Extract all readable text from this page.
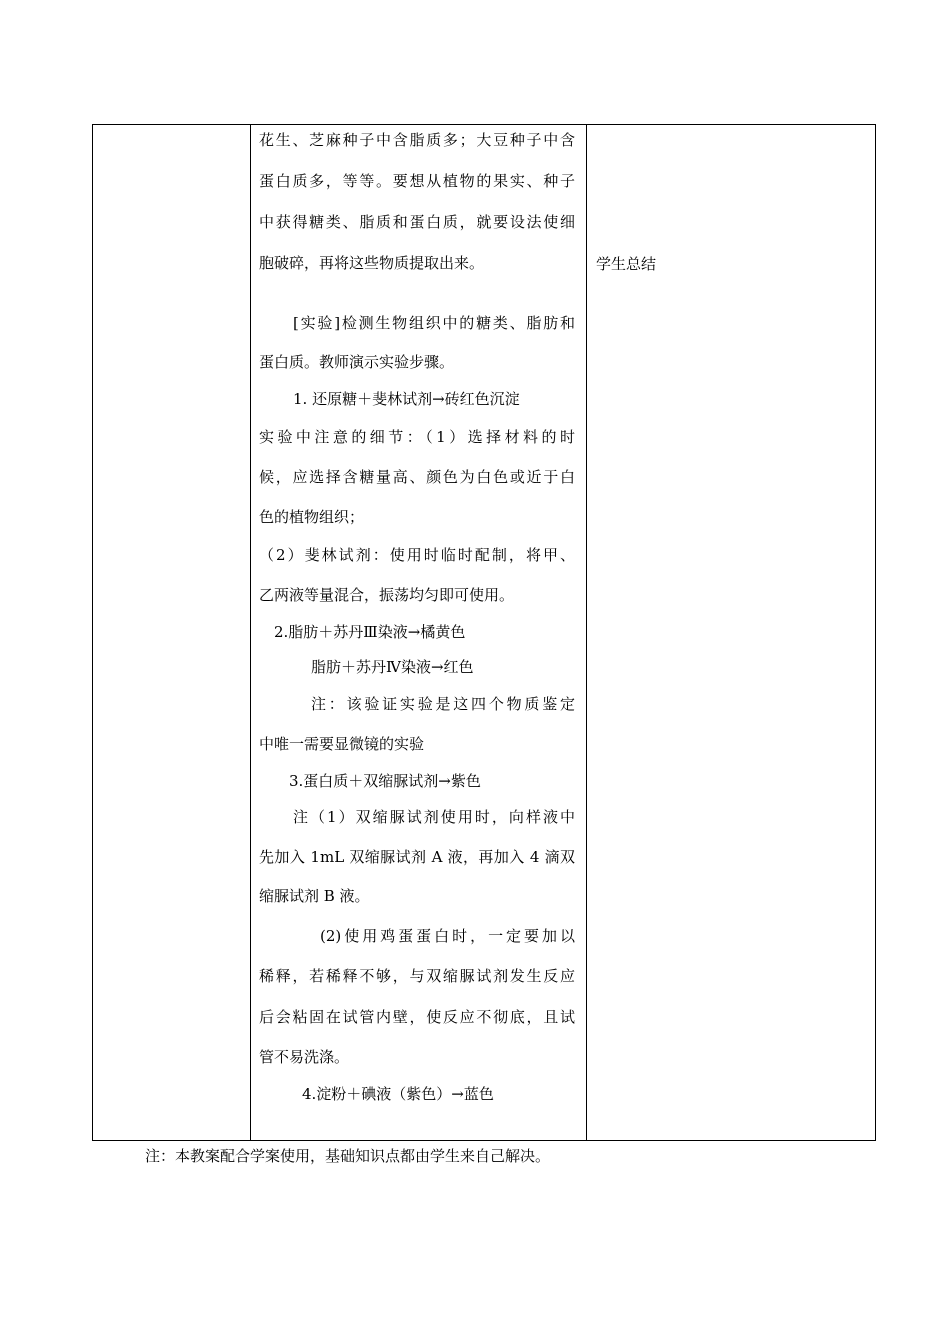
花生、芝麻种子中含脂质多；大豆种子中含
蛋白质多，等等。要想从植物的果实、种子
中获得糖类、脂质和蛋白质，就要设法使细
胞破碎，再将这些物质提取出来。
[实验]检测生物组织中的糖类、脂肪和
蛋白质。教师演示实验步骤。
1. 还原糖＋斐林试剂→砖红色沉淀
实验中注意的细节：（1）选择材料的时
候，应选择含糖量高、颜色为白色或近于白
色的植物组织；
（2）斐林试剂：使用时临时配制，将甲、
乙两液等量混合，振荡均匀即可使用。
2.脂肪＋苏丹Ⅲ染液→橘黄色
脂肪＋苏丹Ⅳ染液→红色
注：该验证实验是这四个物质鉴定
中唯一需要显微镜的实验
3.蛋白质＋双缩脲试剂→紫色
注（1）双缩脲试剂使用时，向样液中
先加入 1mL 双缩脲试剂 A 液，再加入 4 滴双
缩脲试剂 B 液。
(2)使用鸡蛋蛋白时，一定要加以
稀释，若稀释不够，与双缩脲试剂发生反应
后会粘固在试管内壁，使反应不彻底，且试
管不易洗涤。
4.淀粉＋碘液（紫色）→蓝色
学生总结
注：本教案配合学案使用，基础知识点都由学生来自己解决。
